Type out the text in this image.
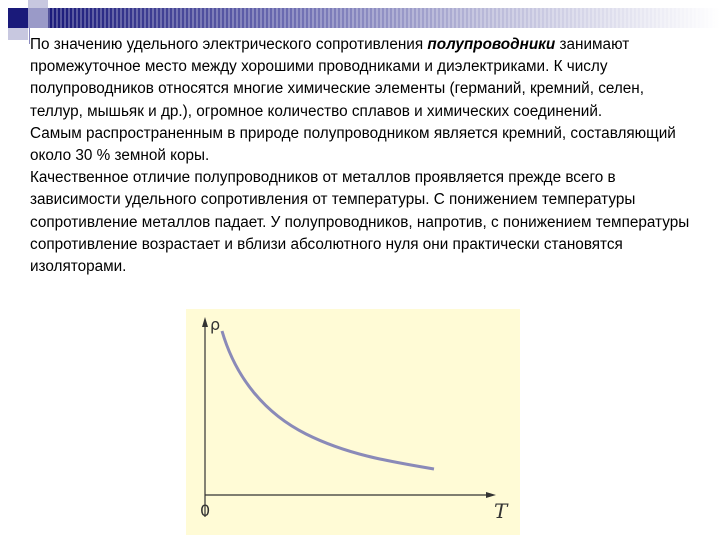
По значению удельного электрического сопротивления полупроводники занимают промежуточное место между хорошими проводниками и диэлектриками. К числу полупроводников относятся многие химические элементы (германий, кремний, селен, теллур, мышьяк и др.), огромное количество сплавов и химических соединений.

Самым распространенным в природе полупроводником является кремний, составляющий около 30 % земной коры.

Качественное отличие полупроводников от металлов проявляется прежде всего в зависимости удельного сопротивления от температуры. С понижением температуры сопротивление металлов падает. У полупроводников, напротив, с понижением температуры сопротивление возрастает и вблизи абсолютного нуля они практически становятся изоляторами.

ρ
T
0
